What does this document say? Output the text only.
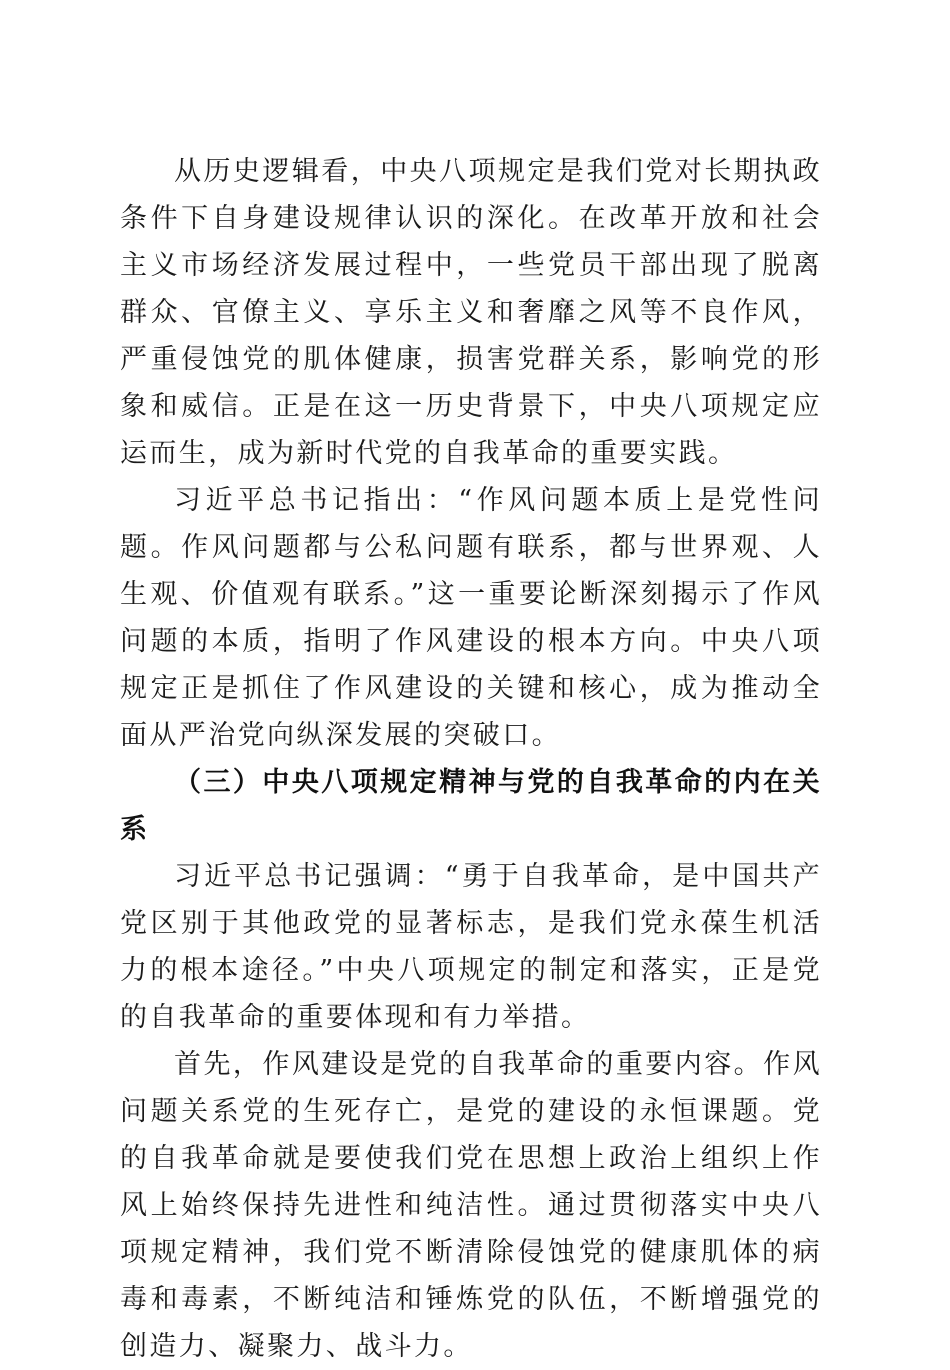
从历史逻辑看，中央八项规定是我们党对长期执政条件下自身建设规律认识的深化。在改革开放和社会主义市场经济发展过程中，一些党员干部出现了脱离群众、官僚主义、享乐主义和奢靡之风等不良作风，严重侵蚀党的肌体健康，损害党群关系，影响党的形象和威信。正是在这一历史背景下，中央八项规定应运而生，成为新时代党的自我革命的重要实践。

习近平总书记指出：“作风问题本质上是党性问题。作风问题都与公私问题有联系，都与世界观、人生观、价值观有联系。”这一重要论断深刻揭示了作风问题的本质，指明了作风建设的根本方向。中央八项规定正是抓住了作风建设的关键和核心，成为推动全面从严治党向纵深发展的突破口。

（三）中央八项规定精神与党的自我革命的内在关系

习近平总书记强调：“勇于自我革命，是中国共产党区别于其他政党的显著标志，是我们党永葆生机活力的根本途径。”中央八项规定的制定和落实，正是党的自我革命的重要体现和有力举措。

首先，作风建设是党的自我革命的重要内容。作风问题关系党的生死存亡，是党的建设的永恒课题。党的自我革命就是要使我们党在思想上政治上组织上作风上始终保持先进性和纯洁性。通过贯彻落实中央八项规定精神，我们党不断清除侵蚀党的健康肌体的病毒和毒素，不断纯洁和锤炼党的队伍，不断增强党的创造力、凝聚力、战斗力。
